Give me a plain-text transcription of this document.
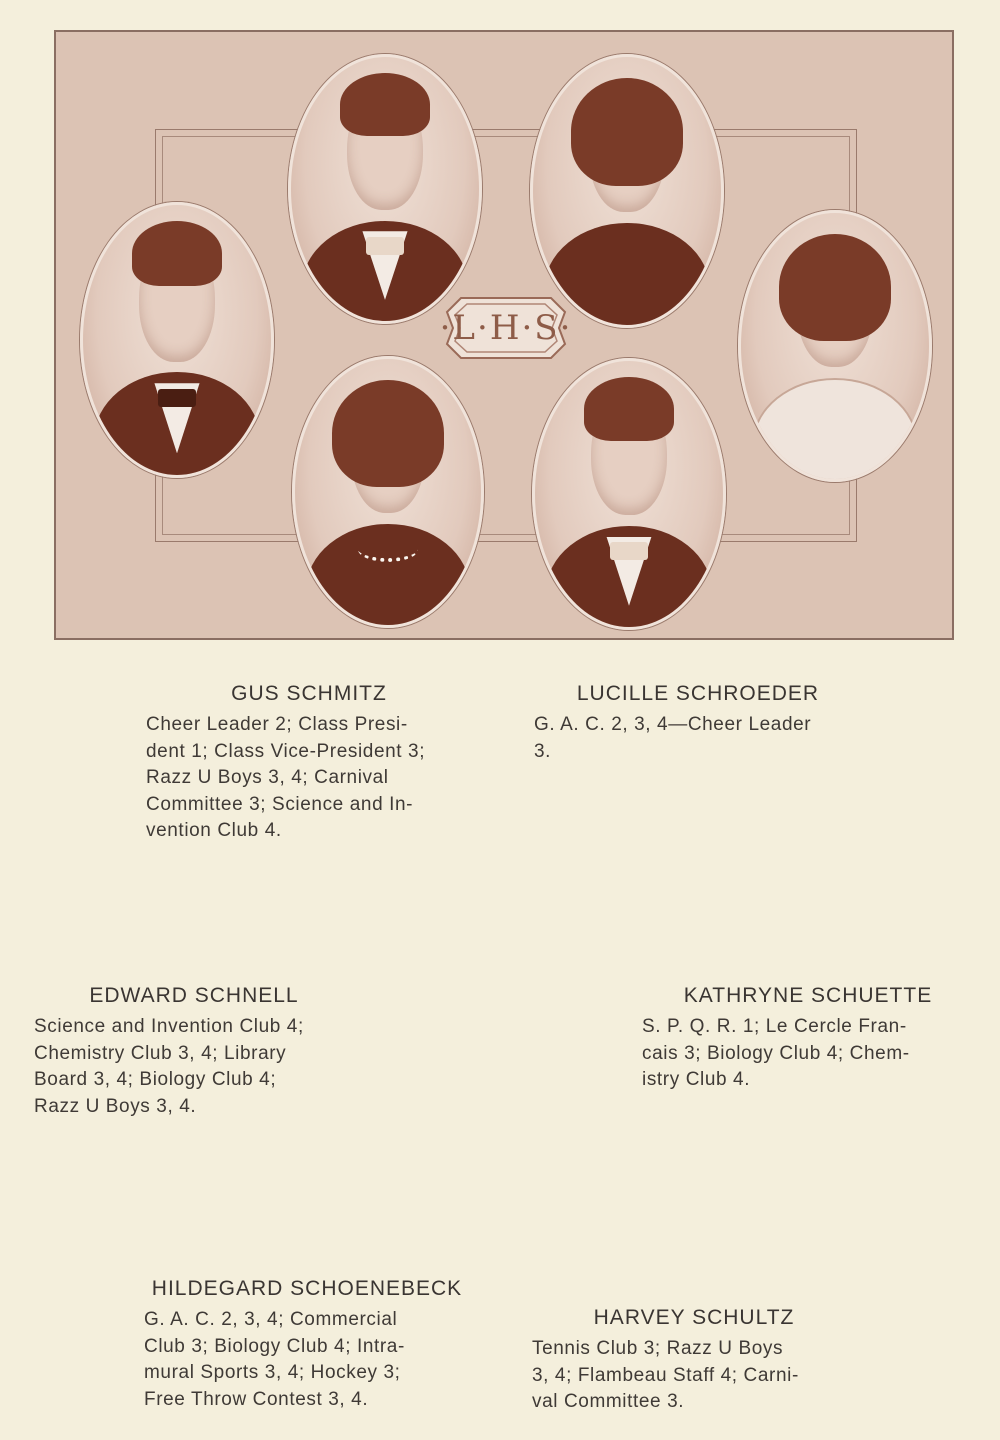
·L·H·S·
GUS SCHMITZ

Cheer Leader 2; Class Presi-
dent 1; Class Vice-President 3;
Razz U Boys 3, 4; Carnival
Committee 3; Science and In-
vention Club 4.

LUCILLE SCHROEDER

G. A. C. 2, 3, 4—Cheer Leader
3.

EDWARD SCHNELL

Science and Invention Club 4;
Chemistry Club 3, 4; Library
Board 3, 4; Biology Club 4;
Razz U Boys 3, 4.

KATHRYNE SCHUETTE

S. P. Q. R. 1; Le Cercle Fran-
cais 3; Biology Club 4; Chem-
istry Club 4.

HILDEGARD SCHOENEBECK

G. A. C. 2, 3, 4; Commercial
Club 3; Biology Club 4; Intra-
mural Sports 3, 4; Hockey 3;
Free Throw Contest 3, 4.

HARVEY SCHULTZ

Tennis Club 3; Razz U Boys
3, 4; Flambeau Staff 4; Carni-
val Committee 3.
